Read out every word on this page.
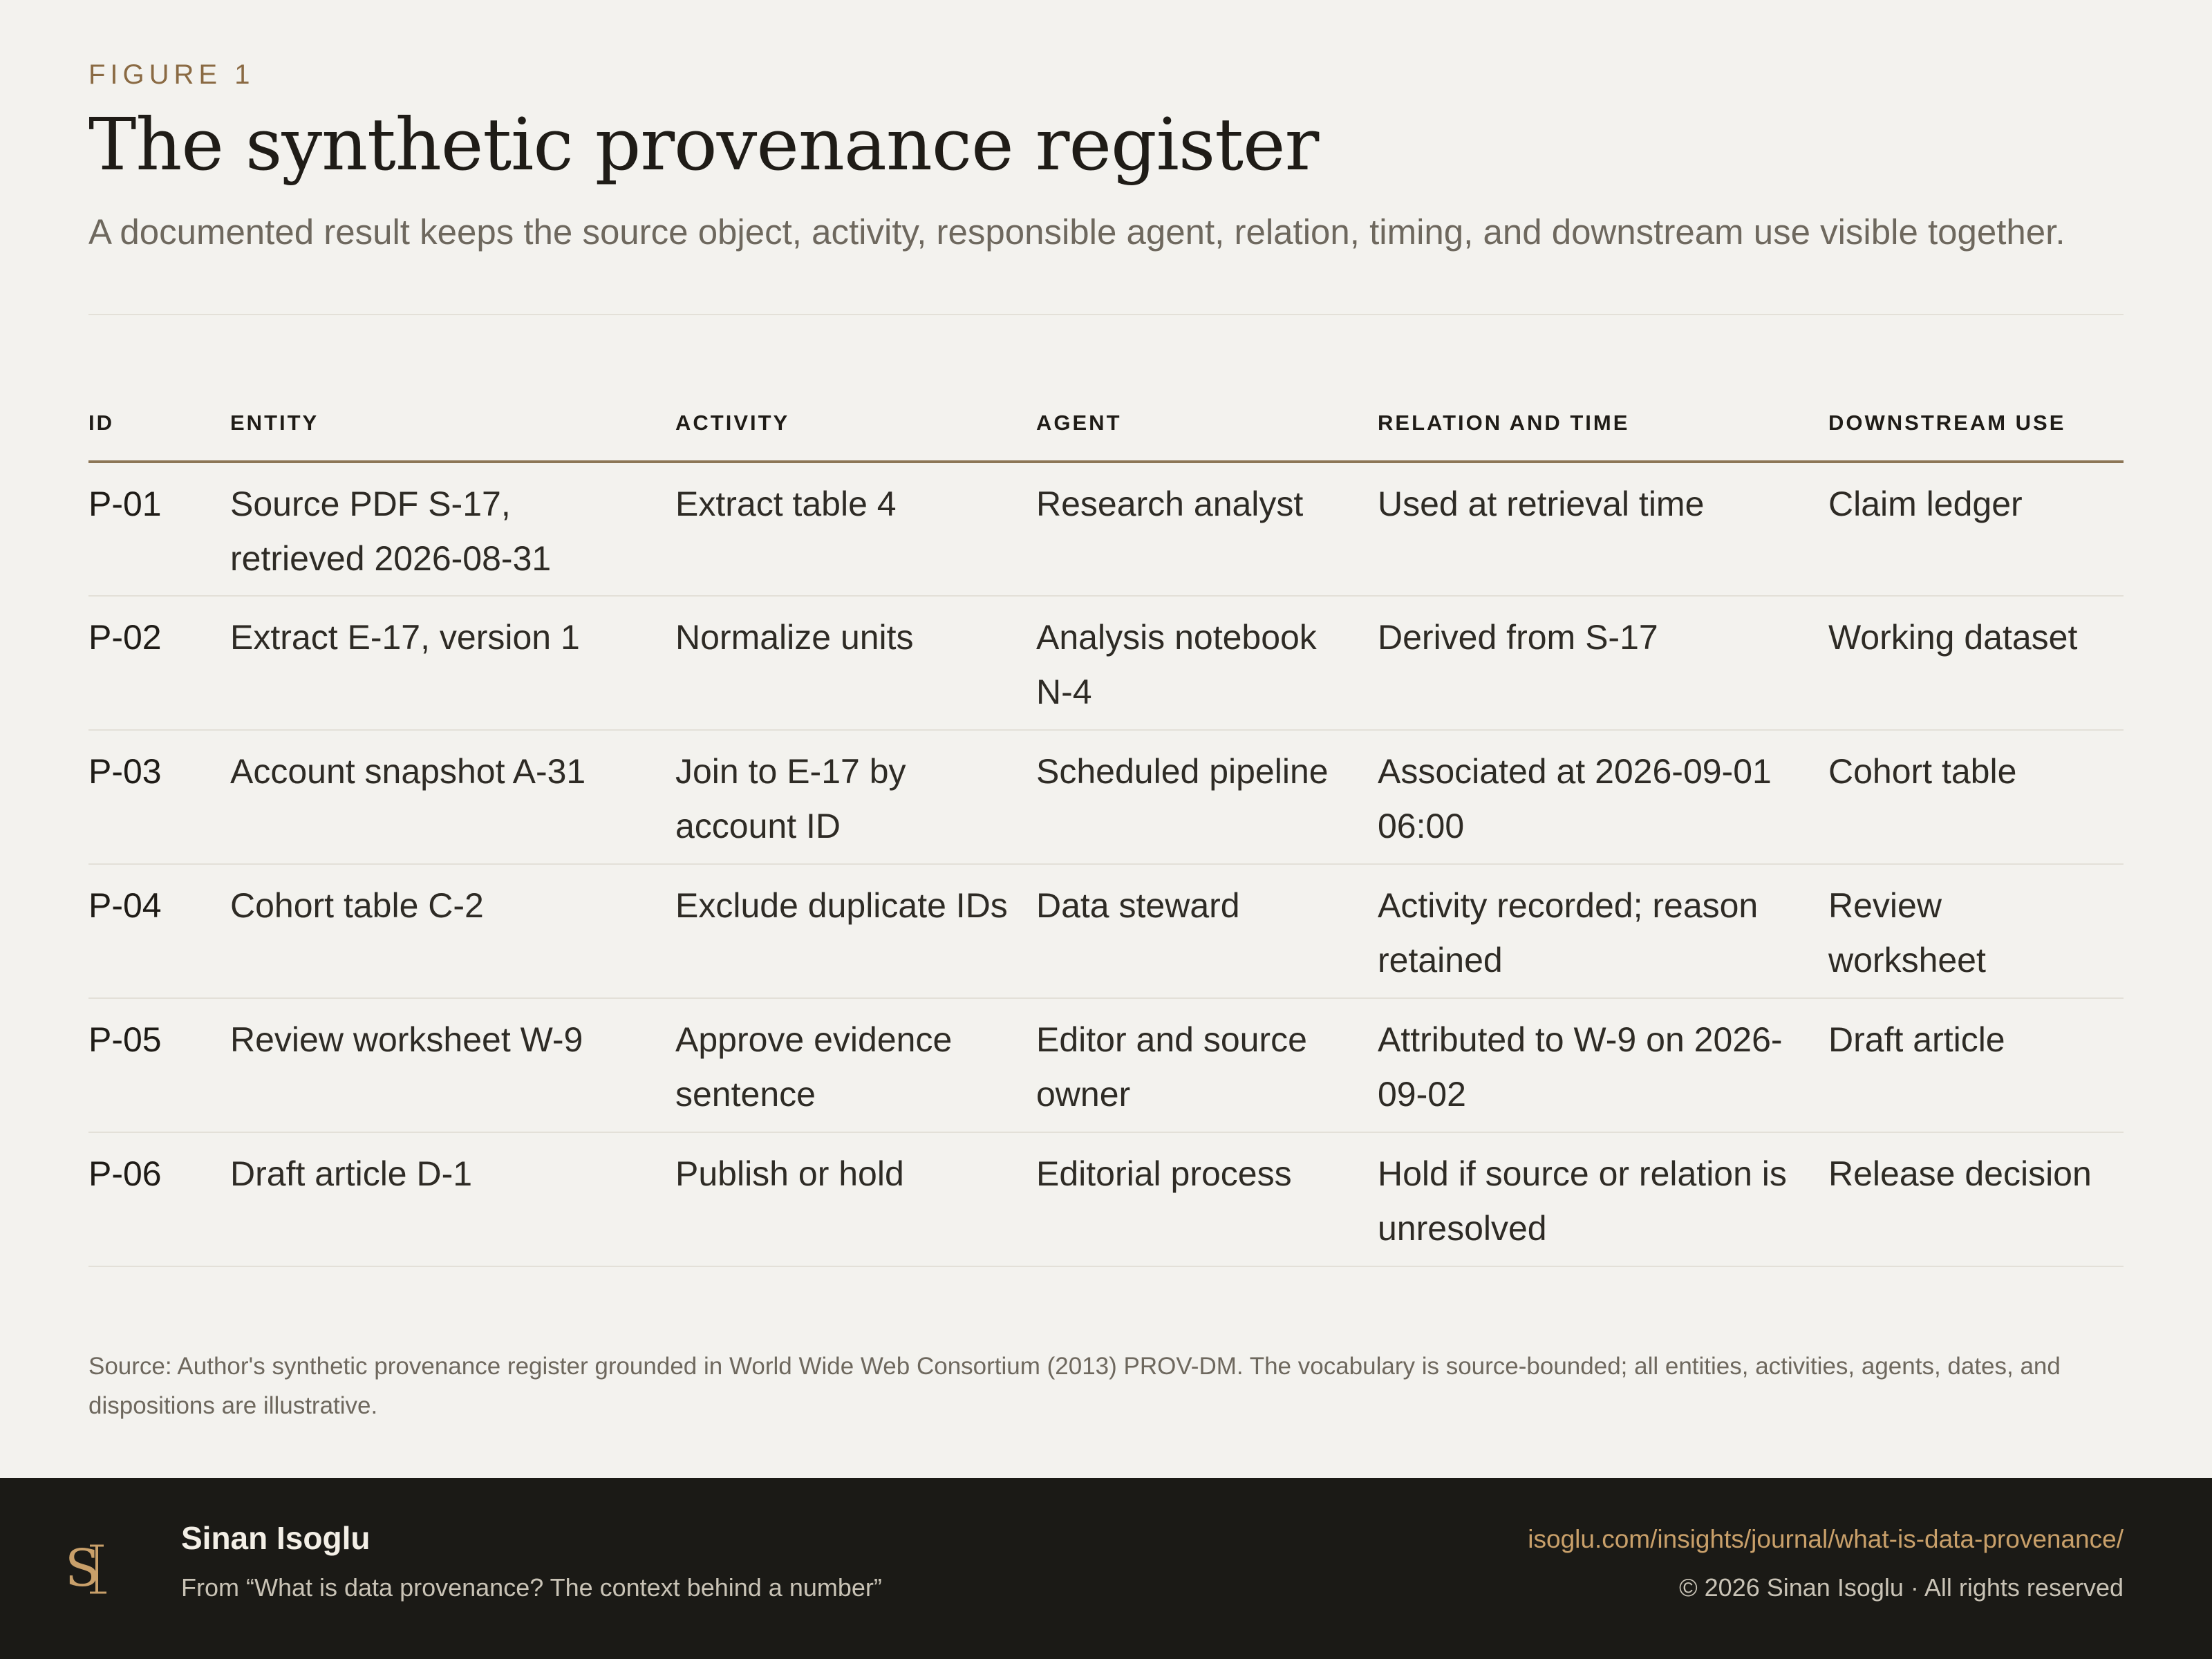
FIGURE 1
The synthetic provenance register

A documented result keeps the source object, activity, responsible agent, relation, timing, and downstream use visible together.

ID	ENTITY	ACTIVITY	AGENT	RELATION AND TIME	DOWNSTREAM USE
P-01	Source PDF S-17, retrieved 2026-08-31	Extract table 4	Research analyst	Used at retrieval time	Claim ledger
P-02	Extract E-17, version 1	Normalize units	Analysis notebook N-4	Derived from S-17	Working dataset
P-03	Account snapshot A-31	Join to E-17 by account ID	Scheduled pipeline	Associated at 2026-09-01 06:00	Cohort table
P-04	Cohort table C-2	Exclude duplicate IDs	Data steward	Activity recorded; reason retained	Review worksheet
P-05	Review worksheet W-9	Approve evidence sentence	Editor and source owner	Attributed to W-9 on 2026-09-02	Draft article
P-06	Draft article D-1	Publish or hold	Editorial process	Hold if source or relation is unresolved	Release decision

Source: Author's synthetic provenance register grounded in World Wide Web Consortium (2013) PROV-DM. The vocabulary is source-bounded; all entities, activities, agents, dates, and dispositions are illustrative.

S
Sinan Isoglu
From “What is data provenance? The context behind a number”
isoglu.com/insights/journal/what-is-data-provenance/
© 2026 Sinan Isoglu · All rights reserved
